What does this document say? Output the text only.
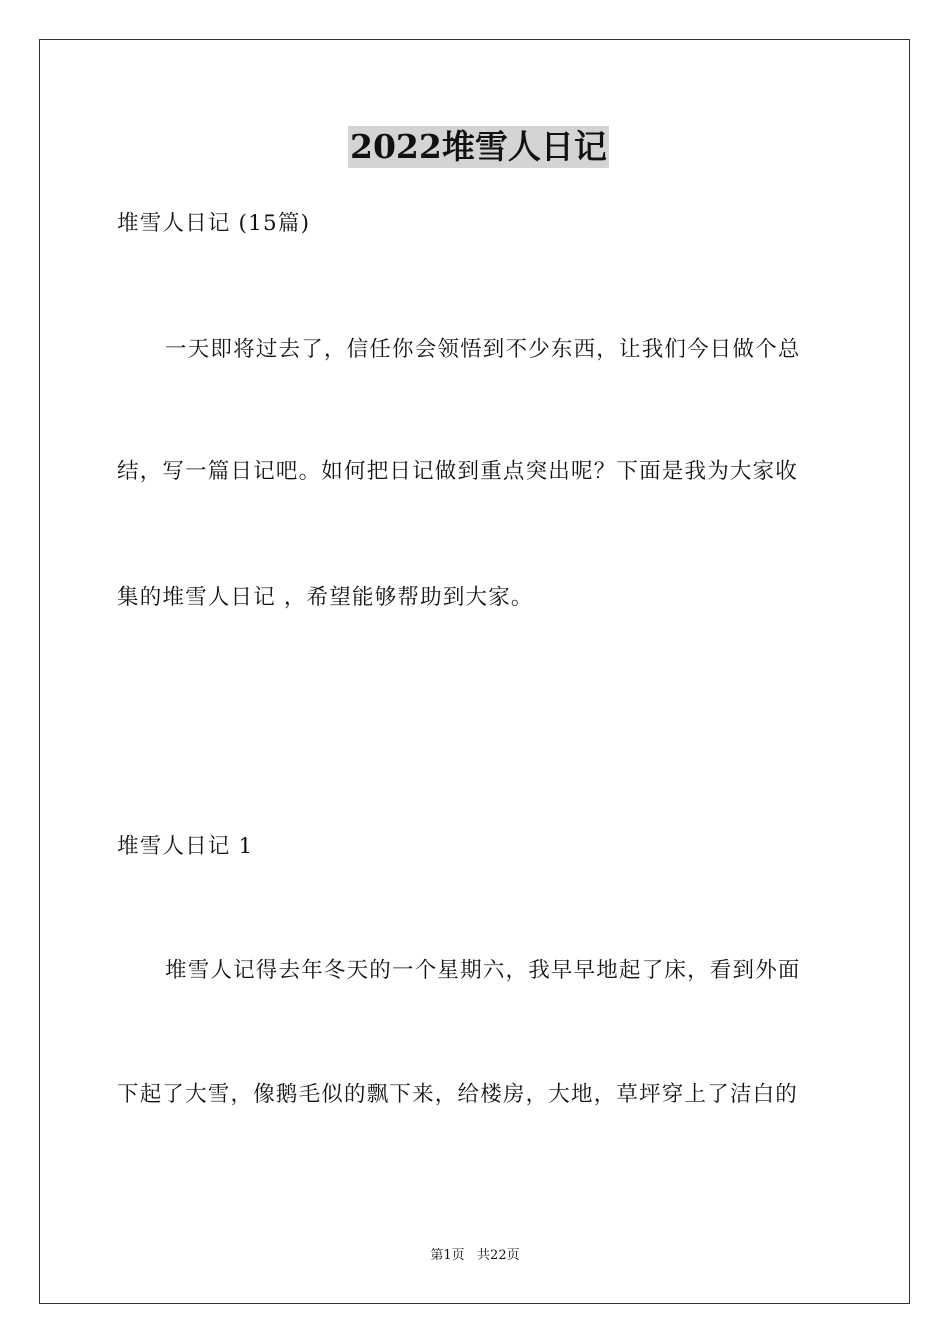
2022堆雪人日记
堆雪人日记 (15篇)
一天即将过去了，信任你会领悟到不少东西，让我们今日做个总
结，写一篇日记吧。如何把日记做到重点突出呢？下面是我为大家收
集的堆雪人日记 ，希望能够帮助到大家。
堆雪人日记 1
堆雪人记得去年冬天的一个星期六，我早早地起了床，看到外面
下起了大雪，像鹅毛似的飘下来，给楼房，大地，草坪穿上了洁白的
第1页   共22页
